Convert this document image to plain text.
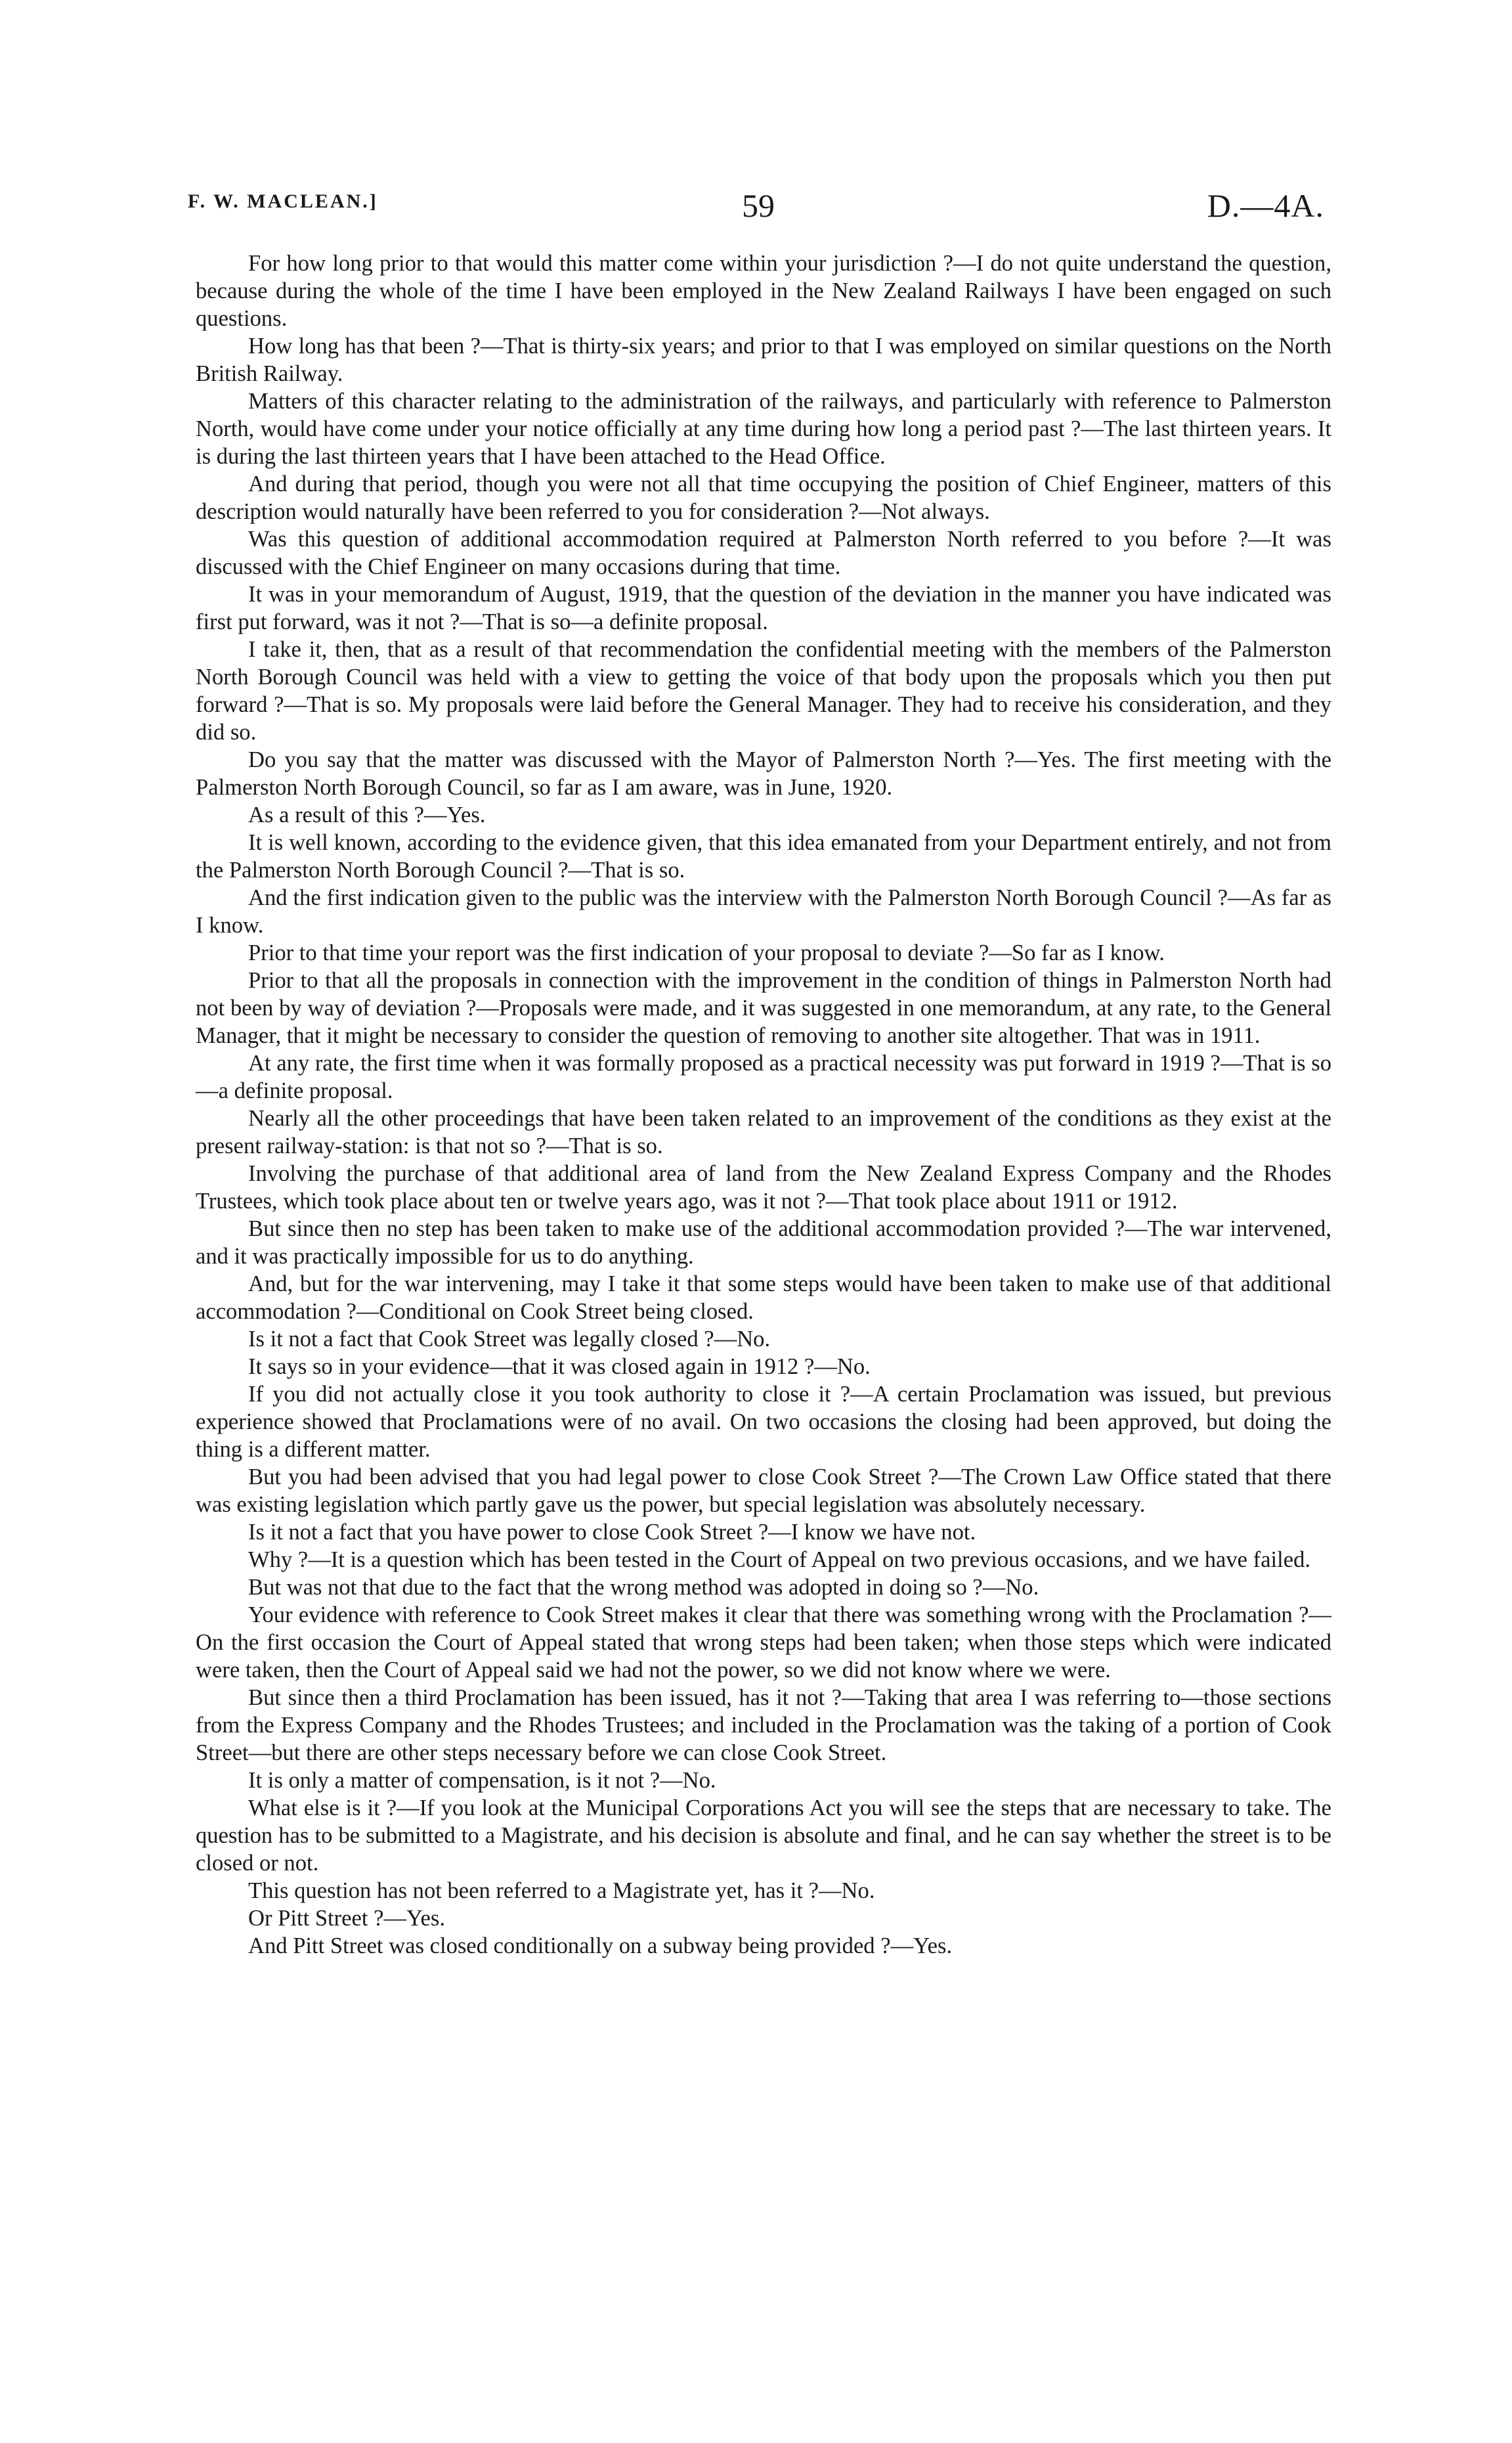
F. W. MACLEAN.]	59	D.—4A.

For how long prior to that would this matter come within your jurisdiction ?—I do not quite understand the question, because during the whole of the time I have been employed in the New Zealand Railways I have been engaged on such questions.

How long has that been ?—That is thirty-six years; and prior to that I was employed on similar questions on the North British Railway.

Matters of this character relating to the administration of the railways, and particularly with reference to Palmerston North, would have come under your notice officially at any time during how long a period past ?—The last thirteen years. It is during the last thirteen years that I have been attached to the Head Office.

And during that period, though you were not all that time occupying the position of Chief Engineer, matters of this description would naturally have been referred to you for consideration ?—Not always.

Was this question of additional accommodation required at Palmerston North referred to you before ?—It was discussed with the Chief Engineer on many occasions during that time.

It was in your memorandum of August, 1919, that the question of the deviation in the manner you have indicated was first put forward, was it not ?—That is so—a definite proposal.

I take it, then, that as a result of that recommendation the confidential meeting with the members of the Palmerston North Borough Council was held with a view to getting the voice of that body upon the proposals which you then put forward ?—That is so. My proposals were laid before the General Manager. They had to receive his consideration, and they did so.

Do you say that the matter was discussed with the Mayor of Palmerston North ?—Yes. The first meeting with the Palmerston North Borough Council, so far as I am aware, was in June, 1920.

As a result of this ?—Yes.

It is well known, according to the evidence given, that this idea emanated from your Department entirely, and not from the Palmerston North Borough Council ?—That is so.

And the first indication given to the public was the interview with the Palmerston North Borough Council ?—As far as I know.

Prior to that time your report was the first indication of your proposal to deviate ?—So far as I know.

Prior to that all the proposals in connection with the improvement in the condition of things in Palmerston North had not been by way of deviation ?—Proposals were made, and it was suggested in one memorandum, at any rate, to the General Manager, that it might be necessary to consider the question of removing to another site altogether. That was in 1911.

At any rate, the first time when it was formally proposed as a practical necessity was put forward in 1919 ?—That is so—a definite proposal.

Nearly all the other proceedings that have been taken related to an improvement of the conditions as they exist at the present railway-station: is that not so ?—That is so.

Involving the purchase of that additional area of land from the New Zealand Express Company and the Rhodes Trustees, which took place about ten or twelve years ago, was it not ?—That took place about 1911 or 1912.

But since then no step has been taken to make use of the additional accommodation provided ?—The war intervened, and it was practically impossible for us to do anything.

And, but for the war intervening, may I take it that some steps would have been taken to make use of that additional accommodation ?—Conditional on Cook Street being closed.

Is it not a fact that Cook Street was legally closed ?—No.

It says so in your evidence—that it was closed again in 1912 ?—No.

If you did not actually close it you took authority to close it ?—A certain Proclamation was issued, but previous experience showed that Proclamations were of no avail. On two occasions the closing had been approved, but doing the thing is a different matter.

But you had been advised that you had legal power to close Cook Street ?—The Crown Law Office stated that there was existing legislation which partly gave us the power, but special legislation was absolutely necessary.

Is it not a fact that you have power to close Cook Street ?—I know we have not.

Why ?—It is a question which has been tested in the Court of Appeal on two previous occasions, and we have failed.

But was not that due to the fact that the wrong method was adopted in doing so ?—No.

Your evidence with reference to Cook Street makes it clear that there was something wrong with the Proclamation ?—On the first occasion the Court of Appeal stated that wrong steps had been taken; when those steps which were indicated were taken, then the Court of Appeal said we had not the power, so we did not know where we were.

But since then a third Proclamation has been issued, has it not ?—Taking that area I was referring to—those sections from the Express Company and the Rhodes Trustees; and included in the Proclamation was the taking of a portion of Cook Street—but there are other steps necessary before we can close Cook Street.

It is only a matter of compensation, is it not ?—No.

What else is it ?—If you look at the Municipal Corporations Act you will see the steps that are necessary to take. The question has to be submitted to a Magistrate, and his decision is absolute and final, and he can say whether the street is to be closed or not.

This question has not been referred to a Magistrate yet, has it ?—No.

Or Pitt Street ?—Yes.

And Pitt Street was closed conditionally on a subway being provided ?—Yes.
